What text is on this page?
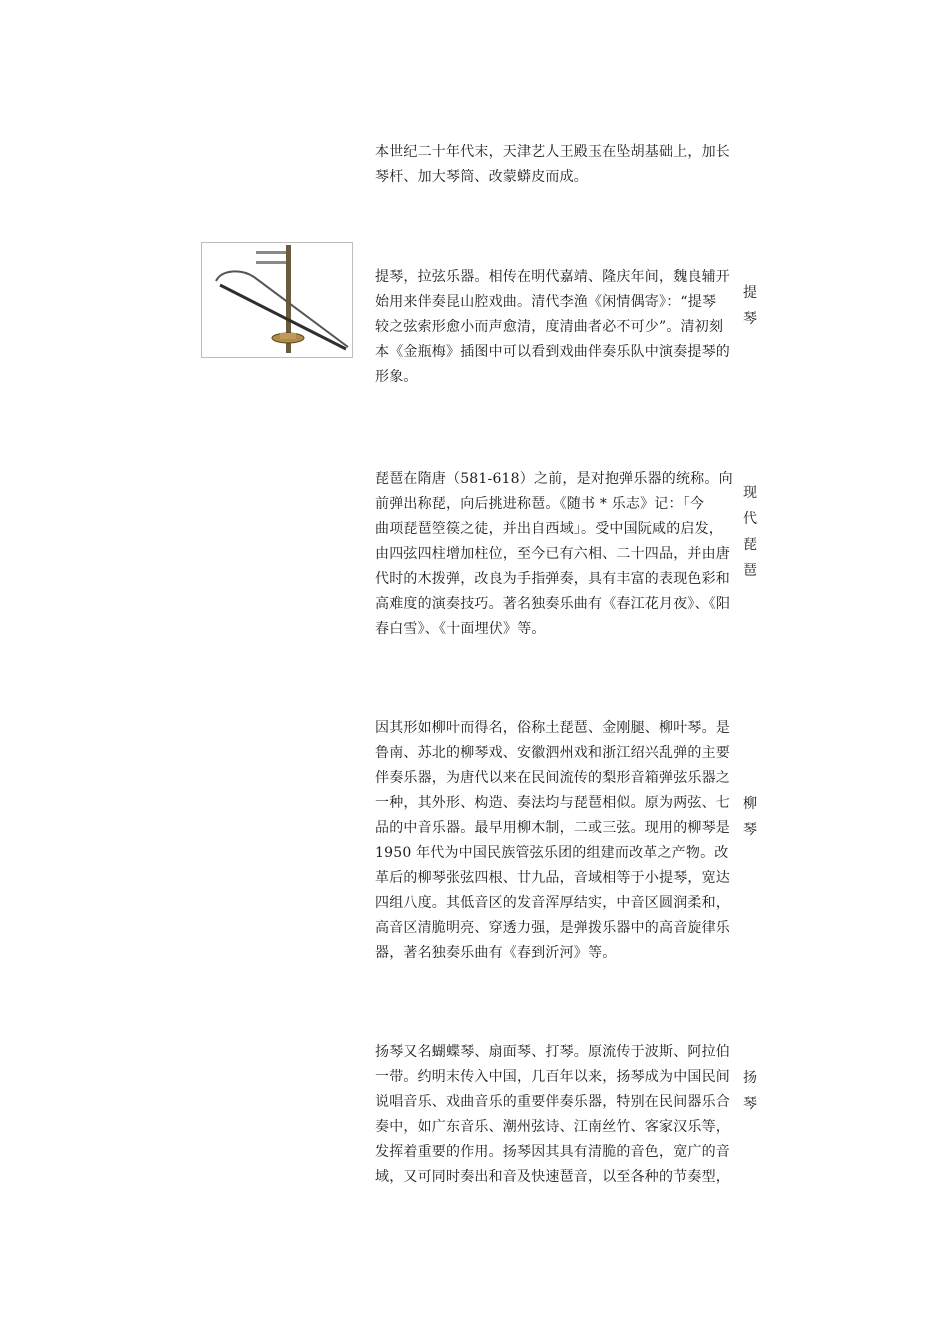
本世纪二十年代末，天津艺人王殿玉在坠胡基础上，加长
琴杆、加大琴筒、改蒙蟒皮而成。
提琴，拉弦乐器。相传在明代嘉靖、隆庆年间，魏良辅开
始用来伴奏昆山腔戏曲。清代李渔《闲情偶寄》：“提琴
较之弦索形愈小而声愈清，度清曲者必不可少”。清初刻
本《金瓶梅》插图中可以看到戏曲伴奏乐队中演奏提琴的
形象。
提
琴
琵琶在隋唐（581-618）之前，是对抱弹乐器的统称。向
前弹出称琵，向后挑进称琶。《随书 * 乐志》记：「今
曲项琵琶箜篌之徒，并出自西域」。受中国阮咸的启发，
由四弦四柱增加柱位，至今已有六相、二十四品，并由唐
代时的木拨弹，改良为手指弹奏，具有丰富的表现色彩和
高难度的演奏技巧。著名独奏乐曲有《春江花月夜》、《阳
春白雪》、《十面埋伏》等。
现
代
琵
琶
因其形如柳叶而得名，俗称土琵琶、金刚腿、柳叶琴。是
鲁南、苏北的柳琴戏、安徽泗州戏和浙江绍兴乱弹的主要
伴奏乐器，为唐代以来在民间流传的梨形音箱弹弦乐器之
一种，其外形、构造、奏法均与琵琶相似。原为两弦、七
品的中音乐器。最早用柳木制，二或三弦。现用的柳琴是
1950 年代为中国民族管弦乐团的组建而改革之产物。改
革后的柳琴张弦四根、廿九品，音域相等于小提琴，宽达
四组八度。其低音区的发音浑厚结实，中音区圆润柔和，
高音区清脆明亮、穿透力强，是弹拨乐器中的高音旋律乐
器，著名独奏乐曲有《春到沂河》等。
柳
琴
扬琴又名蝴蝶琴、扇面琴、打琴。原流传于波斯、阿拉伯
一带。约明末传入中国，几百年以来，扬琴成为中国民间
说唱音乐、戏曲音乐的重要伴奏乐器，特别在民间器乐合
奏中，如广东音乐、潮州弦诗、江南丝竹、客家汉乐等，
发挥着重要的作用。扬琴因其具有清脆的音色，宽广的音
域，又可同时奏出和音及快速琶音，以至各种的节奏型，
扬
琴
